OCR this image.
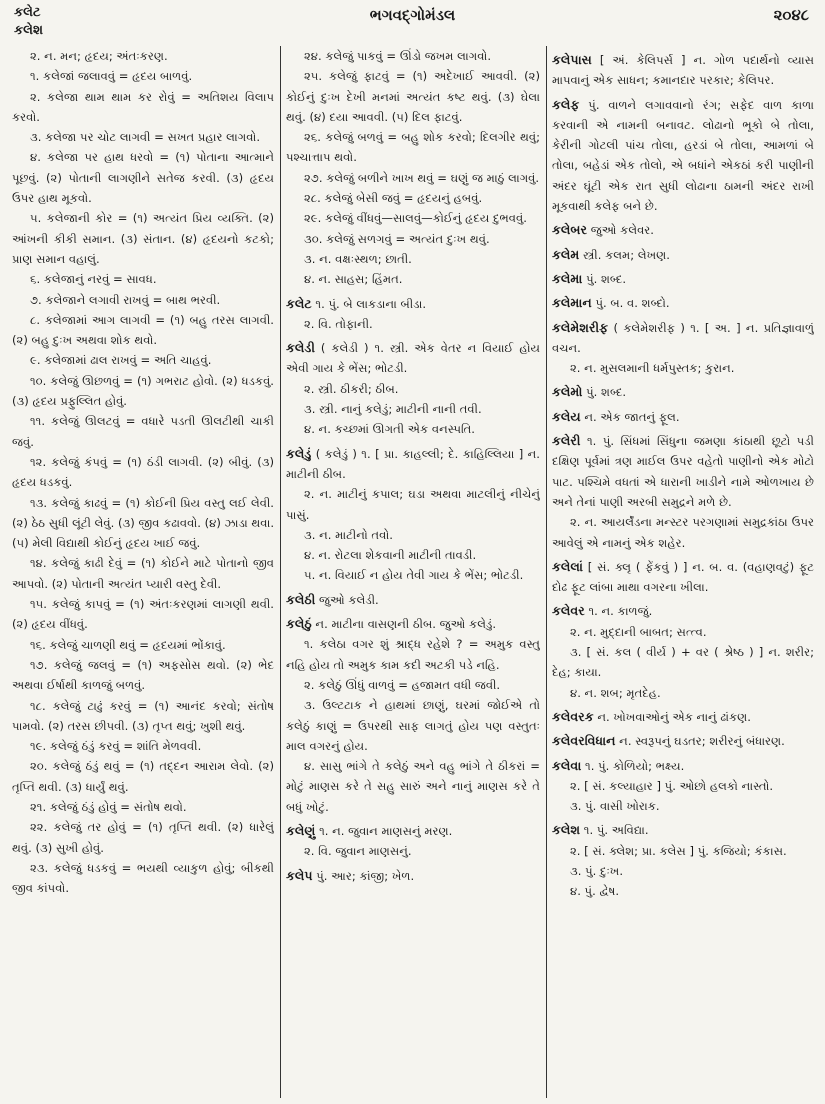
કલેટ
કલેશ
ભગવદ્ગોમંડલ	૨૦૪૮

૨. ન. મન; હૃદય; અંતઃકરણ.

૧. કલેજાં જલાવવું = હૃદય બાળવું.

૨. કલેજા થામ થામ કર રોવું = અતિશય વિલાપ કરવો.

૩. કલેજા પર ચોટ લાગવી = સખત પ્રહાર લાગવો.

૪. કલેજા પર હાથ ધરવો = (૧) પોતાના આત્માને પૂછવું. (૨) પોતાની લાગણીને સતેજ કરવી. (૩) હૃદય ઉપર હાથ મૂકવો.

૫. કલેજાની કોર = (૧) અત્યંત પ્રિય વ્યક્તિ. (૨) આંખની કીકી સમાન. (૩) સંતાન. (૪) હૃદયનો કટકો; પ્રાણ સમાન વહાલું.

૬. કલેજાનું નરવું = સાવધ.

૭. કલેજાને લગાવી રાખવું = બાથ ભરવી.

૮. કલેજામાં આગ લાગવી = (૧) બહુ તરસ લાગવી. (૨) બહુ દુઃખ અથવા શોક થવો.

૯. કલેજામાં ઢાલ રાખવું = અતિ ચાહવું.

૧૦. કલેજું ઊછળવું = (૧) ગભરાટ હોવો. (૨) ધડકવું. (૩) હૃદય પ્રફુલ્લિત હોવું.

૧૧. કલેજું ઊલટવું = વધારે પડતી ઊલટીથી ચાકી જવું.

૧૨. કલેજું કંપવું = (૧) ઠંડી લાગવી. (૨) બીવું. (૩) હૃદય ધડકવું.

૧૩. કલેજું કાઢવું = (૧) કોઈની પ્રિય વસ્તુ લઈ લેવી. (૨) ઠેઠ સુધી લૂંટી લેવું. (૩) જીવ કઢાવવો. (૪) ઝાડા થવા. (૫) મેલી વિદ્યાથી કોઈનું હૃદય ખાઈ જવું.

૧૪. કલેજું કાઢી દેવું = (૧) કોઈને માટે પોતાનો જીવ આપવો. (૨) પોતાની અત્યંત પ્યારી વસ્તુ દેવી.

૧૫. કલેજું કાપવું = (૧) અંતઃકરણમાં લાગણી થવી. (૨) હૃદય વીંધવું.

૧૬. કલેજું ચાળણી થવું = હૃદયમાં ભોંકાવું.

૧૭. કલેજું જલવું = (૧) અફસોસ થવો. (૨) ભેદ અથવા ઈર્ષાથી કાળજું બળવું.

૧૮. કલેજું ટાઢું કરવું = (૧) આનંદ કરવો; સંતોષ પામવો. (૨) તરસ છીપવી. (૩) તૃપ્ત થવું; ખુશી થવું.

૧૯. કલેજું ઠંડું કરવું = શાંતિ મેળવવી.

૨૦. કલેજું ઠંડું થવું = (૧) તદ્દન આરામ લેવો. (૨) તૃપ્તિ થવી. (૩) ધાર્યું થવું.

૨૧. કલેજું ઠંડું હોવું = સંતોષ થવો.

૨૨. કલેજું તર હોવું = (૧) તૃપ્તિ થવી. (૨) ધારેલું થવું. (૩) સુખી હોવું.

૨૩. કલેજું ધડકવું = ભયથી વ્યાકુળ હોવું; બીકથી જીવ કાંપવો.

૨૪. કલેજું પાકવું = ઊંડો જખમ લાગવો.

૨૫. કલેજું ફાટવું = (૧) અદેખાઈ આવવી. (૨) કોઈનું દુઃખ દેખી મનમાં અત્યંત કષ્ટ થવું. (૩) ઘેલા થવું. (૪) દયા આવવી. (૫) દિલ ફાટવું.

૨૬. કલેજું બળવું = બહુ શોક કરવો; દિલગીર થવું; પશ્ચાત્તાપ થવો.

૨૭. કલેજું બળીને ખાખ થવું = ઘણું જ માઠું લાગવું.

૨૮. કલેજું બેસી જવું = હૃદયનું હબવું.

૨૯. કલેજું વીંધવું—સાલવું—કોઈનું હૃદય દુભવવું.

૩૦. કલેજું સળગવું = અત્યંત દુઃખ થવું.

૩. ન. વક્ષઃસ્થળ; છાતી.

૪. ન. સાહસ; હિંમત.

કલેટ ૧. પું. બે લાકડાના બીડા.

૨. વિ. તોફાની.

કલેડી ( કલેડી ) ૧. સ્ત્રી. એક વેતર ન વિયાઈ હોય એવી ગાય કે ભેંસ; ભોટડી.

૨. સ્ત્રી. ઠીકરી; ઠીબ.

૩. સ્ત્રી. નાનું કલેડું; માટીની નાની તવી.

૪. ન. કચ્છમાં ઊગતી એક વનસ્પતિ.

કલેડું ( કલેડું ) ૧. [ પ્રા. કાહલ્લી; દે. કાહિલ્લિયા ] ન. માટીની ઠીબ.

૨. ન. માટીનું કપાલ; ઘડા અથવા માટલીનું નીચેનું પાસું.

૩. ન. માટીનો તવો.

૪. ન. રોટલા શેકવાની માટીની તાવડી.

૫. ન. વિયાઈ ન હોય તેવી ગાય કે ભેંસ; ભોટડી.

કલેઠી જુઓ કલેડી.

કલેઠું ન. માટીના વાસણની ઠીબ. જુઓ કલેડું.

૧. કલેઠા વગર શું શ્રાદ્ધ રહેશે ? = અમુક વસ્તુ નહિ હોય તો અમુક કામ કદી અટકી પડે નહિ.

૨. કલેઠું ઊંધું વાળવું = હજામત વધી જવી.

૩. ઉલ્ટટાક ને હાથમાં છાણું, ઘરમાં જોઈએ તો કલેઠું કાણું = ઉપરથી સાફ લાગતું હોય પણ વસ્તુતઃ માલ વગરનું હોય.

૪. સાસુ ભાંગે તે કલેઠું અને વહુ ભાંગે તે ઠીકરાં = મોટું માણસ કરે તે સહુ સારું અને નાનું માણસ કરે તે બધું ખોટું.

કલેણું ૧. ન. જુવાન માણસનું મરણ.

૨. વિ. જુવાન માણસનું.

કલેપ પું. આર; કાંજી; ખેળ.

કલેપાસ [ અં. કેલિપર્સ ] ન. ગોળ પદાર્થનો વ્યાસ માપવાનું એક સાધન; કમાનદાર પરકાર; કેલિપર.

કલેફ પું. વાળને લગાવવાનો રંગ; સફેદ વાળ કાળા કરવાની એ નામની બનાવટ. લોઢાનો ભૂકો બે તોલા, કેરીની ગોટલી પાંચ તોલા, હરડાં બે તોલા, આમળાં બે તોલા, બહેડાં એક તોલો, એ બધાંને એકઠાં કરી પાણીની અંદર ઘૂંટી એક રાત સુધી લોઢાના ઠામની અંદર રાખી મૂકવાથી કલેફ બને છે.

કલેબર જુઓ કલેવર.

કલેમ સ્ત્રી. કલમ; લેખણ.

કલેમા પું. શબ્દ.

કલેમાન પું. બ. વ. શબ્દો.

કલેમેશરીફ ( કલેમેશરીફ ) ૧. [ અ. ] ન. પ્રતિજ્ઞાવાળું વચન.

૨. ન. મુસલમાની ધર્મપુસ્તક; કુરાન.

કલેમો પું. શબ્દ.

કલેય ન. એક જાતનું ફૂલ.

કલેરી ૧. પું. સિંધમાં સિંધુના જમણા કાંઠાથી છૂટો પડી દક્ષિણ પૂર્વમાં ત્રણ માઈલ ઉપર વહેતો પાણીનો એક મોટો પાટ. પશ્ચિમે વધતાં એ ધારાની ખાડીને નામે ઓળખાય છે અને તેનાં પાણી અરબી સમુદ્રને મળે છે.

૨. ન. આયર્લૅંડના મન્સ્ટર પરગણામાં સમુદ્રકાંઠા ઉપર આવેલું એ નામનું એક શહેર.

કલેલાં [ સં. ક્લૃ ( ફેંકવું ) ] ન. બ. વ. (વહાણવટું) ફૂટ દોઢ ફૂટ લાંબા માથા વગરના ખીલા.

કલેવર ૧. ન. કાળજું.

૨. ન. મુદ્દાની બાબત; સત્ત્વ.

૩. [ સં. કલ ( વીર્ય ) + વર ( શ્રેષ્ઠ ) ] ન. શરીર; દેહ; કાયા.

૪. ન. શબ; મૃતદેહ.

કલેવરક ન. ખોખવાઓનું એક નાનું ઢાંકણ.

કલેવરવિધાન ન. સ્વરૂપનું ઘડતર; શરીરનું બંધારણ.

કલેવા ૧. પું. કોળિયો; ભક્ષ્ય.

૨. [ સં. કલ્યાહાર ] પું. ઓછો હલકો નાસ્તો.

૩. પું. વાસી ખોરાક.

કલેશ ૧. પું. અવિદ્યા.

૨. [ સં. ક્લેશ; પ્રા. કલેસ ] પું. કજિયો; કંકાસ.

૩. પું. દુઃખ.

૪. પું. દ્વેષ.
